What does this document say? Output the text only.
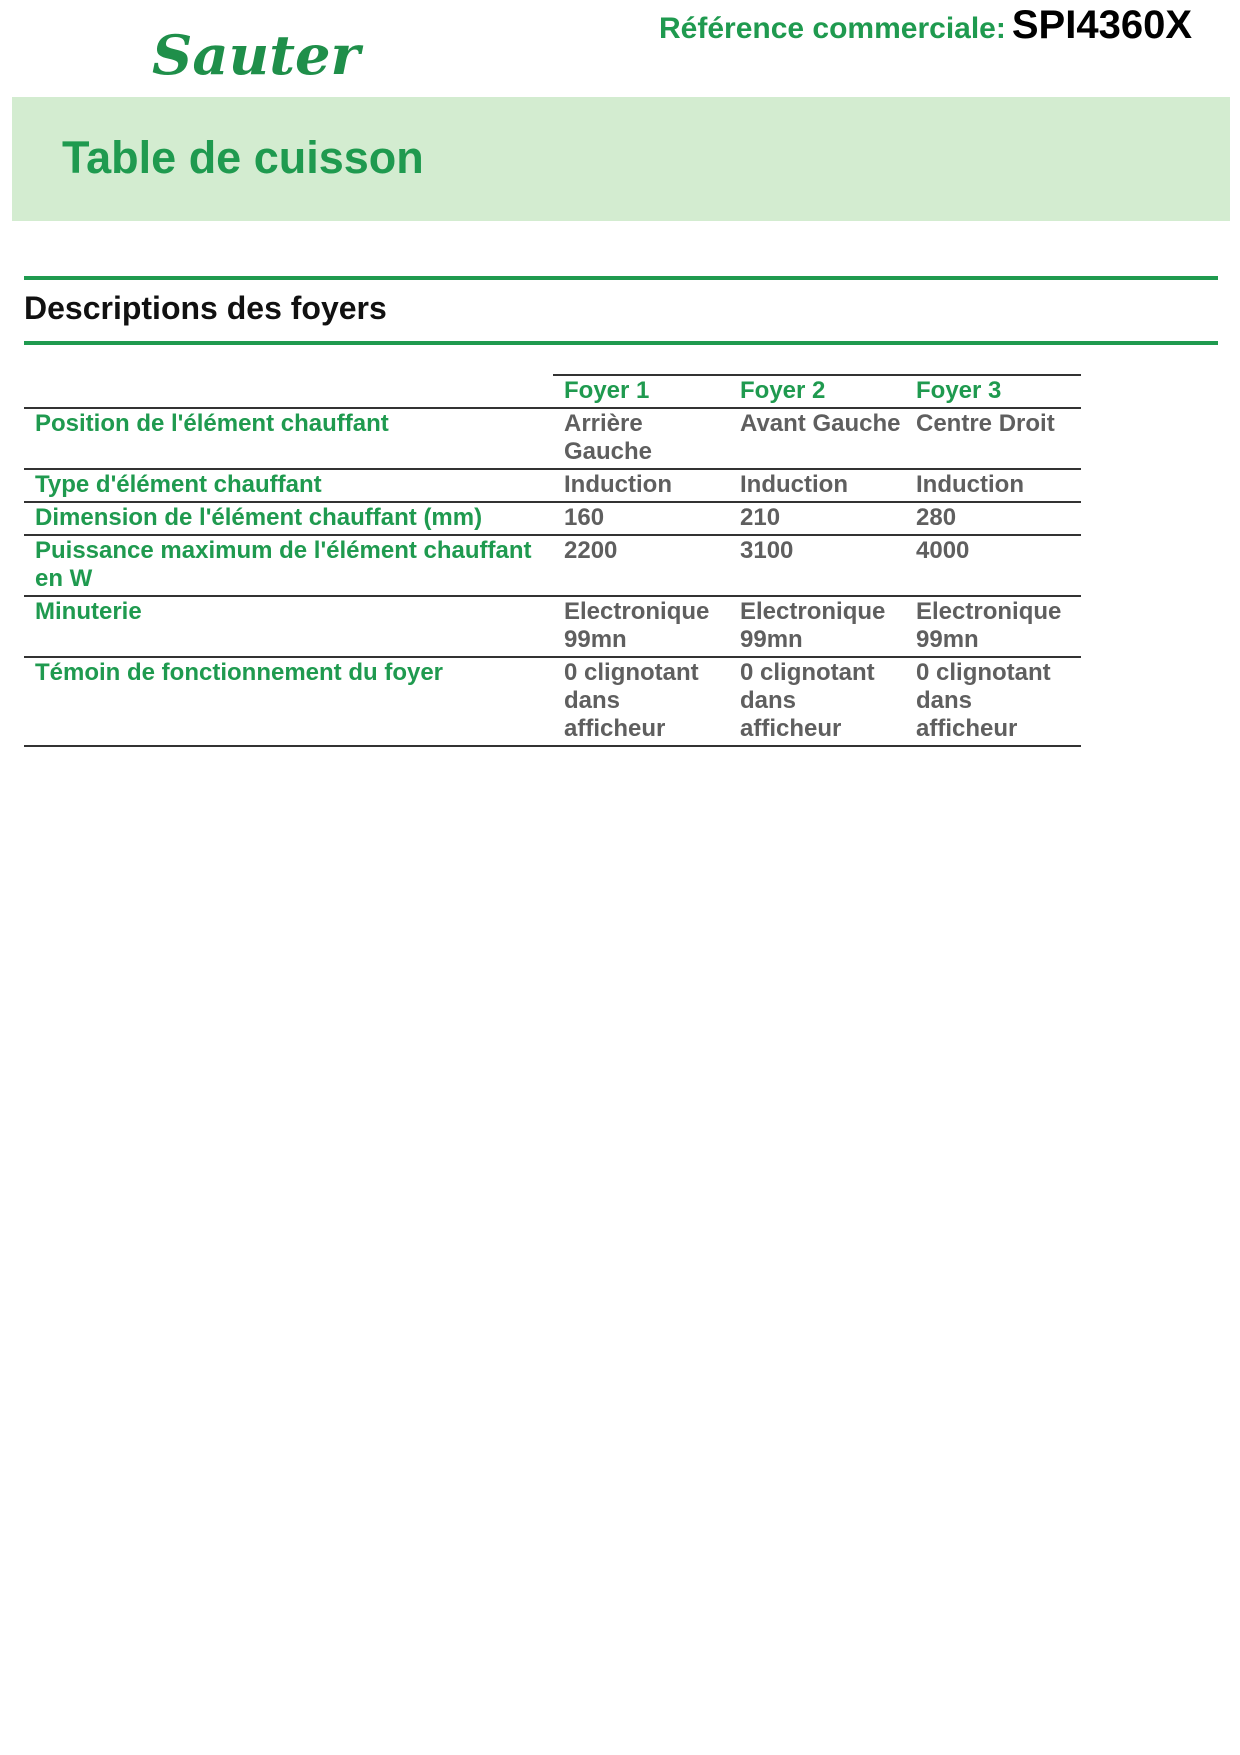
Sauter	Référence commerciale: SPI4360X
Table de cuisson
Descriptions des foyers
	Foyer 1	Foyer 2	Foyer 3
Position de l'élément chauffant	Arrière Gauche	Avant Gauche	Centre Droit
Type d'élément chauffant	Induction	Induction	Induction
Dimension de l'élément chauffant (mm)	160	210	280
Puissance maximum de l'élément chauffant en W	2200	3100	4000
Minuterie	Electronique 99mn	Electronique 99mn	Electronique 99mn
Témoin de fonctionnement du foyer	0 clignotant dans afficheur	0 clignotant dans afficheur	0 clignotant dans afficheur
